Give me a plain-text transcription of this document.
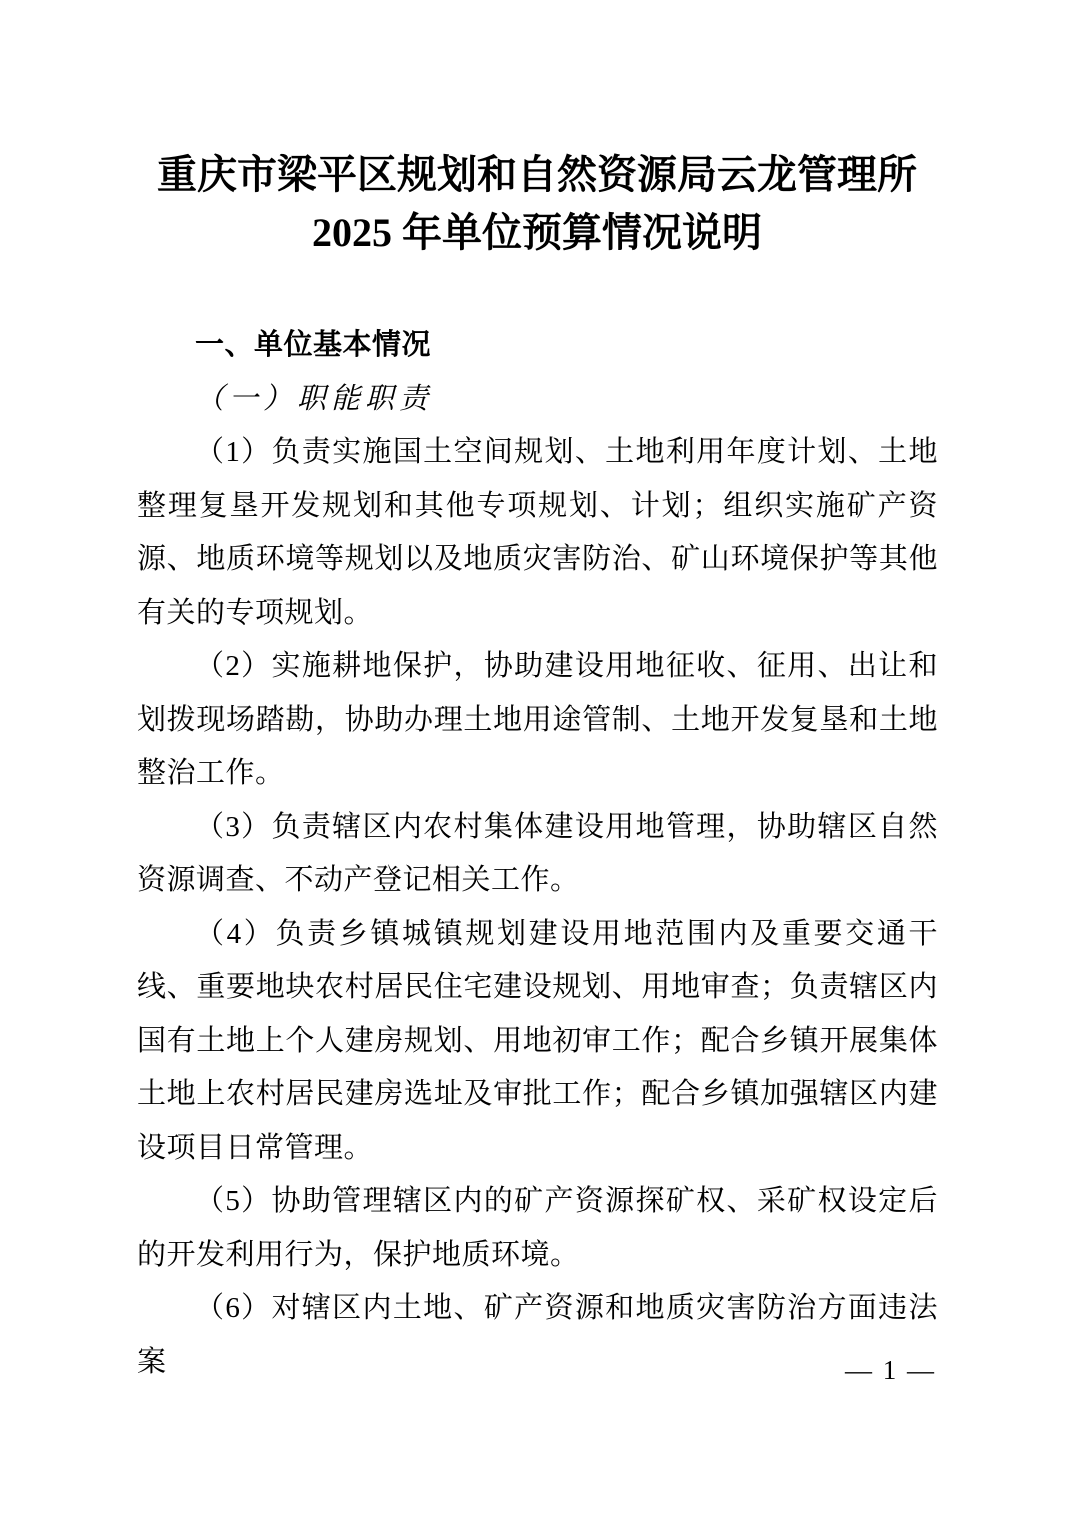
重庆市梁平区规划和自然资源局云龙管理所
2025 年单位预算情况说明
一、单位基本情况
（一）职能职责

（1）负责实施国土空间规划、土地利用年度计划、土地整理复垦开发规划和其他专项规划、计划；组织实施矿产资源、地质环境等规划以及地质灾害防治、矿山环境保护等其他有关的专项规划。

（2）实施耕地保护，协助建设用地征收、征用、出让和划拨现场踏勘，协助办理土地用途管制、土地开发复垦和土地整治工作。

（3）负责辖区内农村集体建设用地管理，协助辖区自然资源调查、不动产登记相关工作。

（4）负责乡镇城镇规划建设用地范围内及重要交通干线、重要地块农村居民住宅建设规划、用地审查；负责辖区内国有土地上个人建房规划、用地初审工作；配合乡镇开展集体土地上农村居民建房选址及审批工作；配合乡镇加强辖区内建设项目日常管理。

（5）协助管理辖区内的矿产资源探矿权、采矿权设定后的开发利用行为，保护地质环境。

（6）对辖区内土地、矿产资源和地质灾害防治方面违法案	— 1 —
